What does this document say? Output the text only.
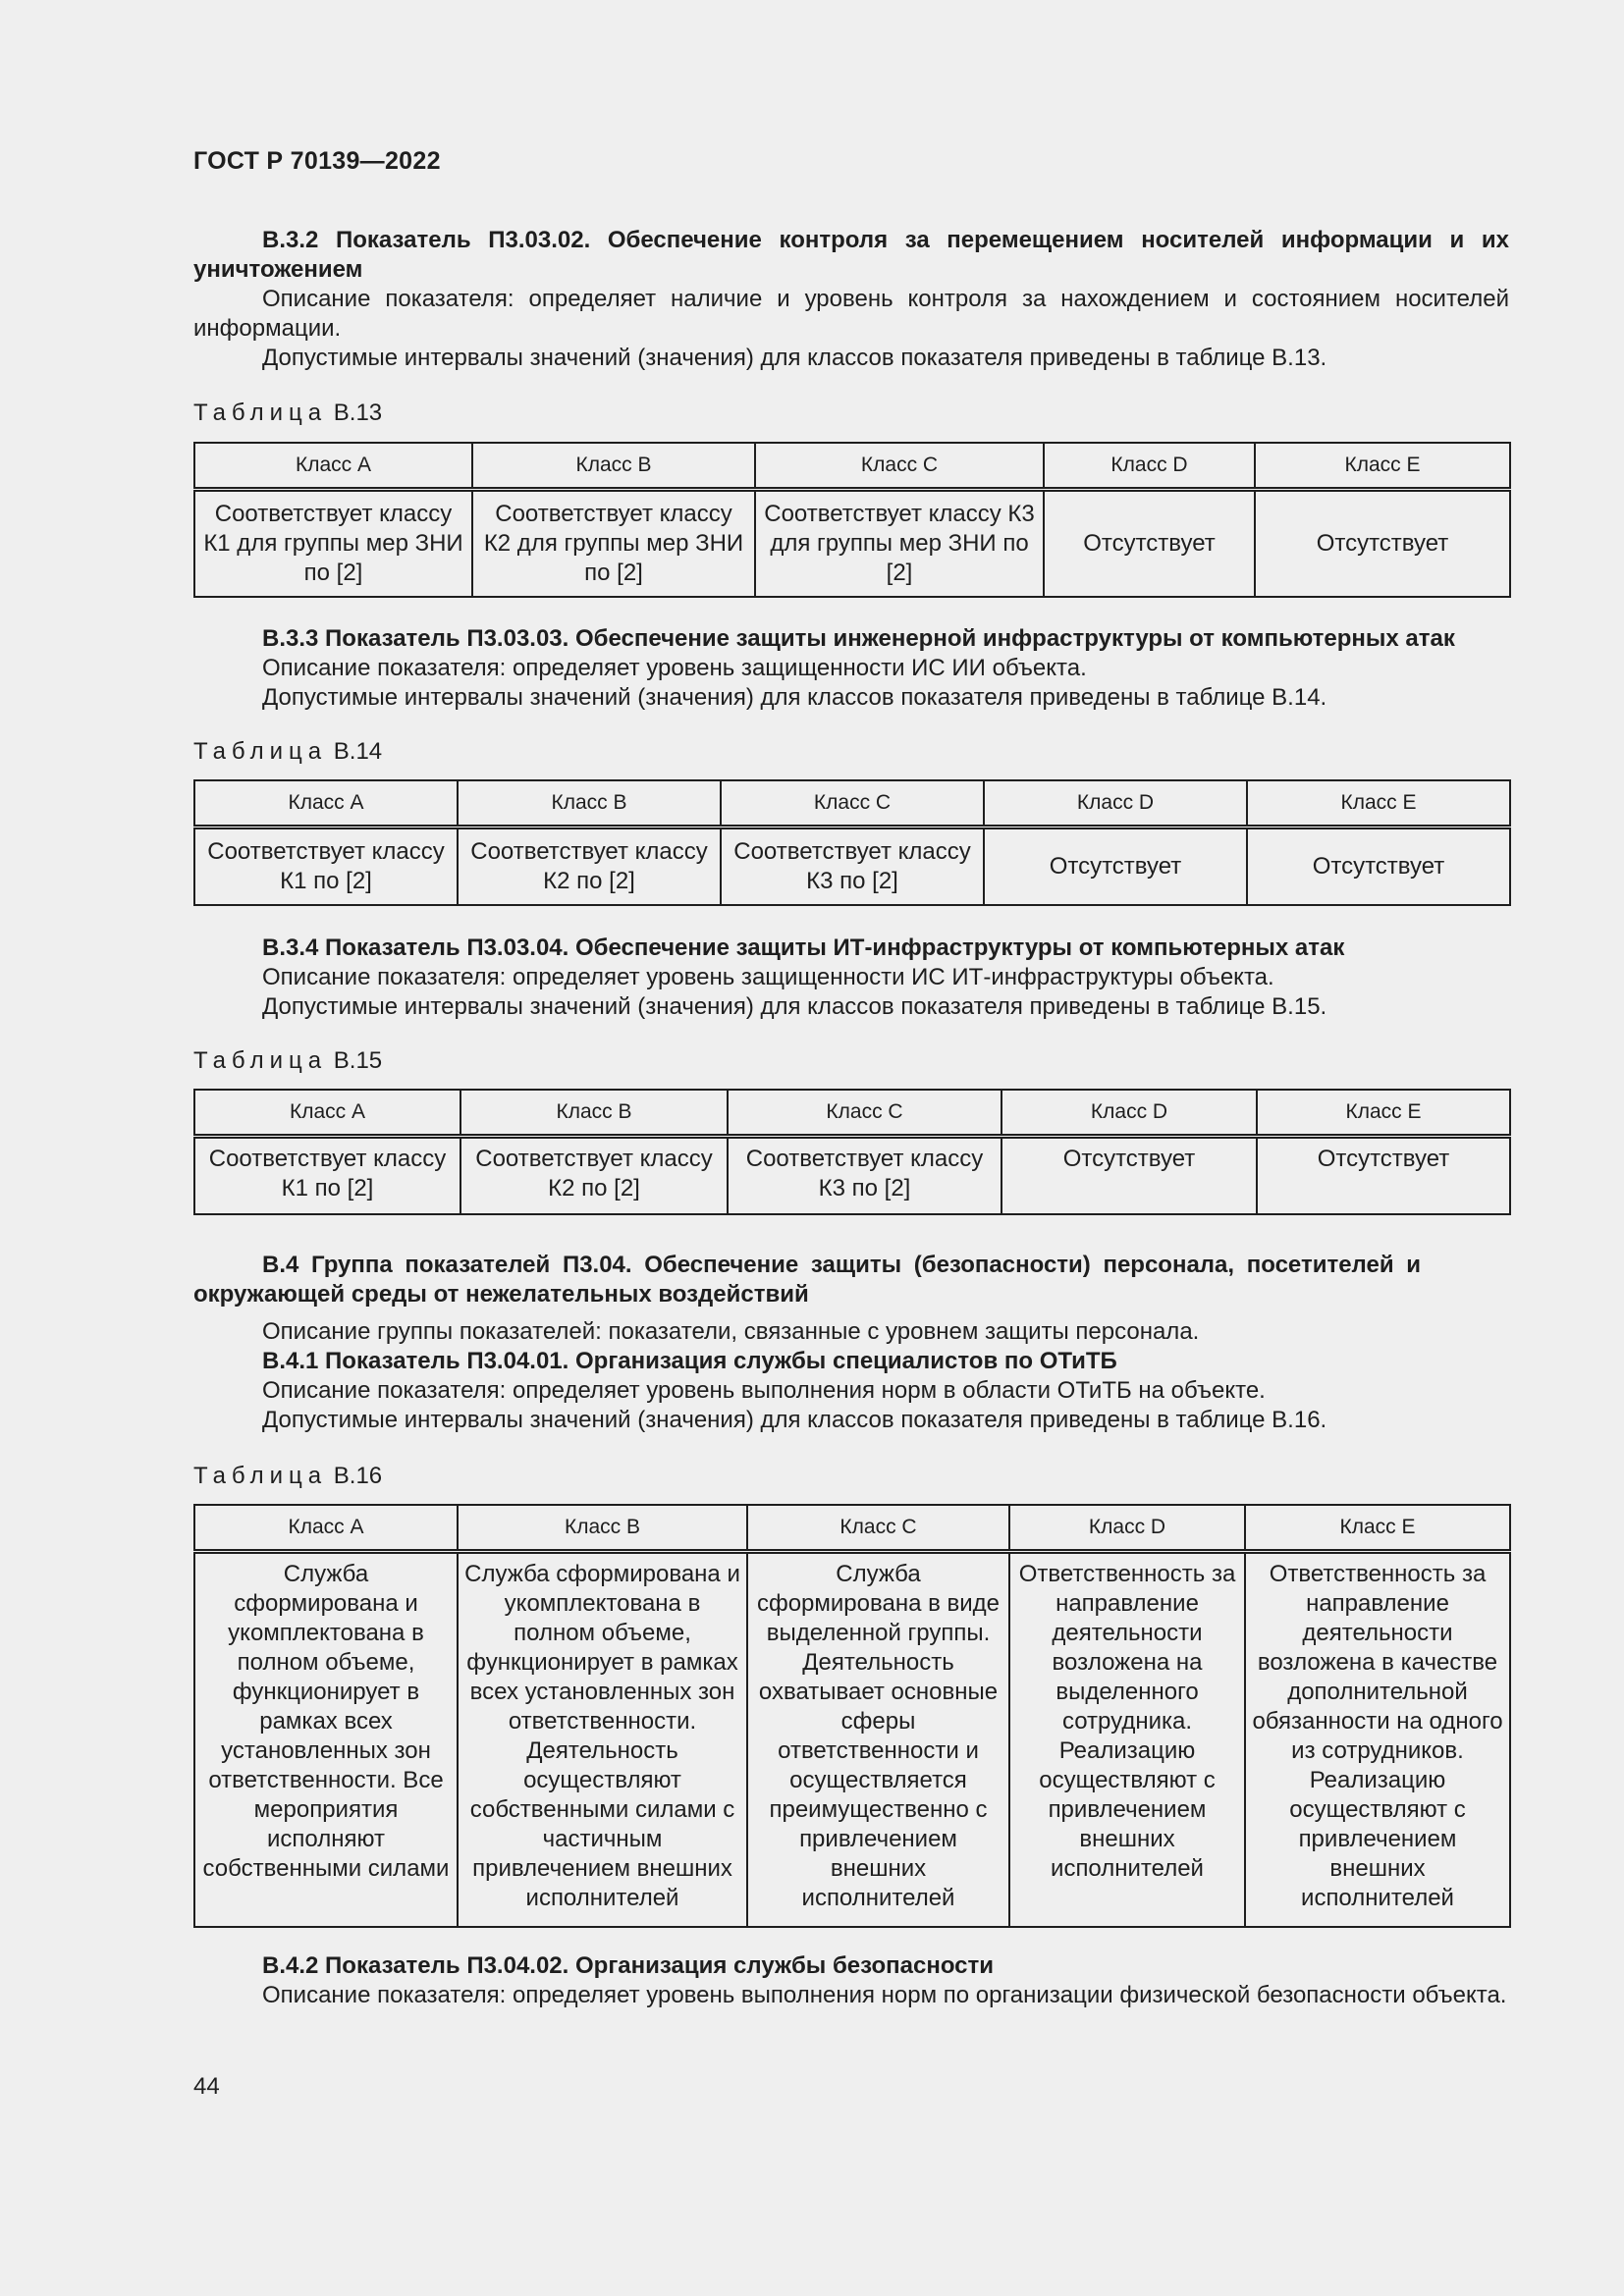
ГОСТ Р 70139—2022

В.3.2 Показатель П3.03.02. Обеспечение контроля за перемещением носителей информации и их уничтожением

Описание показателя: определяет наличие и уровень контроля за нахождением и состоянием носителей информации.

Допустимые интервалы значений (значения) для классов показателя приведены в таблице В.13.

Таблица В.13
Класс А	Класс В	Класс С	Класс D	Класс Е
Соответствует классу К1 для группы мер ЗНИ по [2]	Соответствует классу К2 для группы мер ЗНИ по [2]	Соответствует классу К3 для группы мер ЗНИ по [2]	Отсутствует	Отсутствует

В.3.3 Показатель П3.03.03. Обеспечение защиты инженерной инфраструктуры от компьютерных атак

Описание показателя: определяет уровень защищенности ИС ИИ объекта.

Допустимые интервалы значений (значения) для классов показателя приведены в таблице В.14.

Таблица В.14
Класс А	Класс В	Класс С	Класс D	Класс Е
Соответствует классу К1 по [2]	Соответствует классу К2 по [2]	Соответствует классу К3 по [2]	Отсутствует	Отсутствует

В.3.4 Показатель П3.03.04. Обеспечение защиты ИТ-инфраструктуры от компьютерных атак

Описание показателя: определяет уровень защищенности ИС ИТ-инфраструктуры объекта.

Допустимые интервалы значений (значения) для классов показателя приведены в таблице В.15.

Таблица В.15
Класс А	Класс В	Класс С	Класс D	Класс Е
Соответствует классу К1 по [2]	Соответствует классу К2 по [2]	Соответствует классу К3 по [2]	Отсутствует	Отсутствует

В.4 Группа показателей П3.04. Обеспечение защиты (безопасности) персонала, посетителей и окружающей среды от нежелательных воздействий

Описание группы показателей: показатели, связанные с уровнем защиты персонала.

В.4.1 Показатель П3.04.01. Организация службы специалистов по ОТиТБ

Описание показателя: определяет уровень выполнения норм в области ОТиТБ на объекте.

Допустимые интервалы значений (значения) для классов показателя приведены в таблице В.16.

Таблица В.16
Класс А	Класс В	Класс С	Класс D	Класс Е
Служба сформирована и укомплектована в полном объеме, функционирует в рамках всех установленных зон ответственности. Все мероприятия исполняют собственными силами	Служба сформирована и укомплектована в полном объеме, функционирует в рамках всех установленных зон ответственности. Деятельность осуществляют собственными силами с частичным привлечением внешних исполнителей	Служба сформирована в виде выделенной группы. Деятельность охватывает основные сферы ответственности и осуществляется преимущественно с привлечением внешних исполнителей	Ответственность за направление деятельности возложена на выделенного сотрудника. Реализацию осуществляют с привлечением внешних исполнителей	Ответственность за направление деятельности возложена в качестве дополнительной обязанности на одного из сотрудников. Реализацию осуществляют с привлечением внешних исполнителей

В.4.2 Показатель П3.04.02. Организация службы безопасности

Описание показателя: определяет уровень выполнения норм по организации физической безопасности объекта.

44
